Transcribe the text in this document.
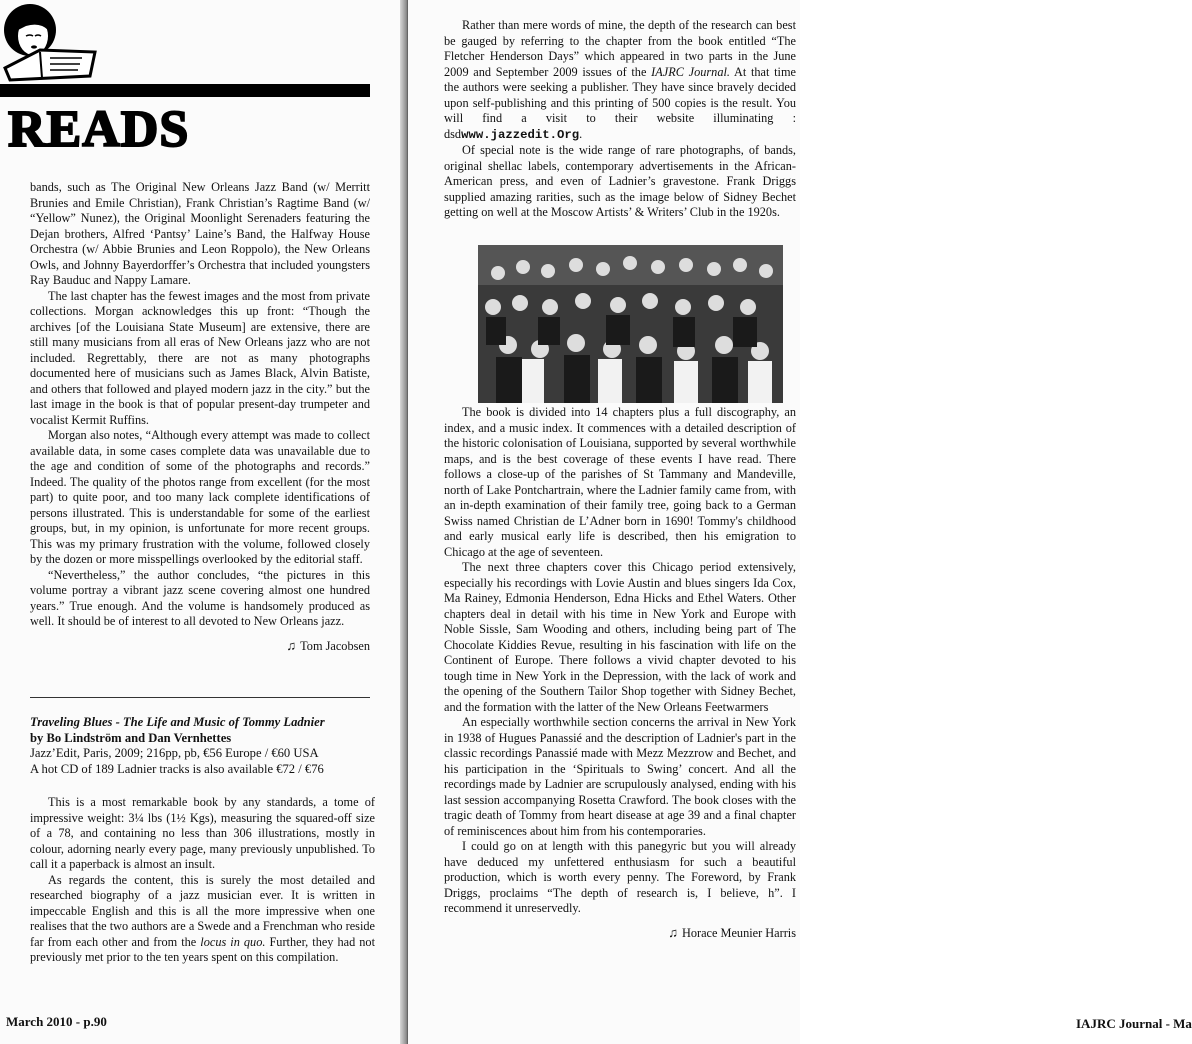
READS

bands, such as The Original New Orleans Jazz Band (w/ Merritt Brunies and Emile Christian), Frank Christian’s Ragtime Band (w/ “Yellow” Nunez), the Original Moonlight Serenaders featuring the Dejan brothers, Alfred ‘Pantsy’ Laine’s Band, the Halfway House Orchestra (w/ Abbie Brunies and Leon Roppolo), the New Orleans Owls, and Johnny Bayerdorffer’s Orchestra that included youngsters Ray Bauduc and Nappy Lamare.

The last chapter has the fewest images and the most from private collections. Morgan acknowledges this up front: “Though the archives [of the Louisiana State Museum] are extensive, there are still many musicians from all eras of New Orleans jazz who are not included. Regrettably, there are not as many photographs documented here of musicians such as James Black, Alvin Batiste, and others that followed and played modern jazz in the city.” but the last image in the book is that of popular present-day trumpeter and vocalist Kermit Ruffins.

Morgan also notes, “Although every attempt was made to collect available data, in some cases complete data was unavailable due to the age and condition of some of the photographs and records.” Indeed. The quality of the photos range from excellent (for the most part) to quite poor, and too many lack complete identifications of persons illustrated. This is understandable for some of the earliest groups, but, in my opinion, is unfortunate for more recent groups. This was my primary frustration with the volume, followed closely by the dozen or more misspellings overlooked by the editorial staff.

“Nevertheless,” the author concludes, “the pictures in this volume portray a vibrant jazz scene covering almost one hundred years.” True enough. And the volume is handsomely produced as well. It should be of interest to all devoted to New Orleans jazz.

♫ Tom Jacobsen
Traveling Blues - The Life and Music of Tommy Ladnier
by Bo Lindström and Dan Vernhettes
Jazz’Edit, Paris, 2009; 216pp, pb, €56 Europe / €60 USA
A hot CD of 189 Ladnier tracks is also available €72 / €76

This is a most remarkable book by any standards, a tome of impressive weight: 3¼ lbs (1½ Kgs), measuring the squared-off size of a 78, and containing no less than 306 illustrations, mostly in colour, adorning nearly every page, many previously unpublished. To call it a paperback is almost an insult.

As regards the content, this is surely the most detailed and researched biography of a jazz musician ever. It is written in impeccable English and this is all the more impressive when one realises that the two authors are a Swede and a Frenchman who reside far from each other and from the locus in quo. Further, they had not previously met prior to the ten years spent on this compilation.

March 2010 - p.90

Rather than mere words of mine, the depth of the research can best be gauged by referring to the chapter from the book entitled “The Fletcher Henderson Days” which appeared in two parts in the June 2009 and September 2009 issues of the IAJRC Journal. At that time the authors were seeking a publisher. They have since bravely decided upon self-publishing and this printing of 500 copies is the result. You will find a visit to their website illuminating : dsdwww.jazzedit.Org.

Of special note is the wide range of rare photographs, of bands, original shellac labels, contemporary advertisements in the African-American press, and even of Ladnier’s gravestone. Frank Driggs supplied amazing rarities, such as the image below of Sidney Bechet getting on well at the Moscow Artists’ & Writers’ Club in the 1920s.

The book is divided into 14 chapters plus a full discography, an index, and a music index. It commences with a detailed description of the historic colonisation of Louisiana, supported by several worthwhile maps, and is the best coverage of these events I have read. There follows a close-up of the parishes of St Tammany and Mandeville, north of Lake Pontchartrain, where the Ladnier family came from, with an in-depth examination of their family tree, going back to a German Swiss named Christian de L’Adner born in 1690! Tommy's childhood and early musical early life is described, then his emigration to Chicago at the age of seventeen.

The next three chapters cover this Chicago period extensively, especially his recordings with Lovie Austin and blues singers Ida Cox, Ma Rainey, Edmonia Henderson, Edna Hicks and Ethel Waters. Other chapters deal in detail with his time in New York and Europe with Noble Sissle, Sam Wooding and others, including being part of The Chocolate Kiddies Revue, resulting in his fascination with life on the Continent of Europe. There follows a vivid chapter devoted to his tough time in New York in the Depression, with the lack of work and the opening of the Southern Tailor Shop together with Sidney Bechet, and the formation with the latter of the New Orleans Feetwarmers

An especially worthwhile section concerns the arrival in New York in 1938 of Hugues Panassié and the description of Ladnier's part in the classic recordings Panassié made with Mezz Mezzrow and Bechet, and his participation in the ‘Spirituals to Swing’ concert. And all the recordings made by Ladnier are scrupulously analysed, ending with his last session accompanying Rosetta Crawford. The book closes with the tragic death of Tommy from heart disease at age 39 and a final chapter of reminiscences about him from his contemporaries.

I could go on at length with this panegyric but you will already have deduced my unfettered enthusiasm for such a beautiful production, which is worth every penny. The Foreword, by Frank Driggs, proclaims “The depth of research is, I believe, h”. I recommend it unreservedly.

♫ Horace Meunier Harris
IAJRC Journal - Ma
